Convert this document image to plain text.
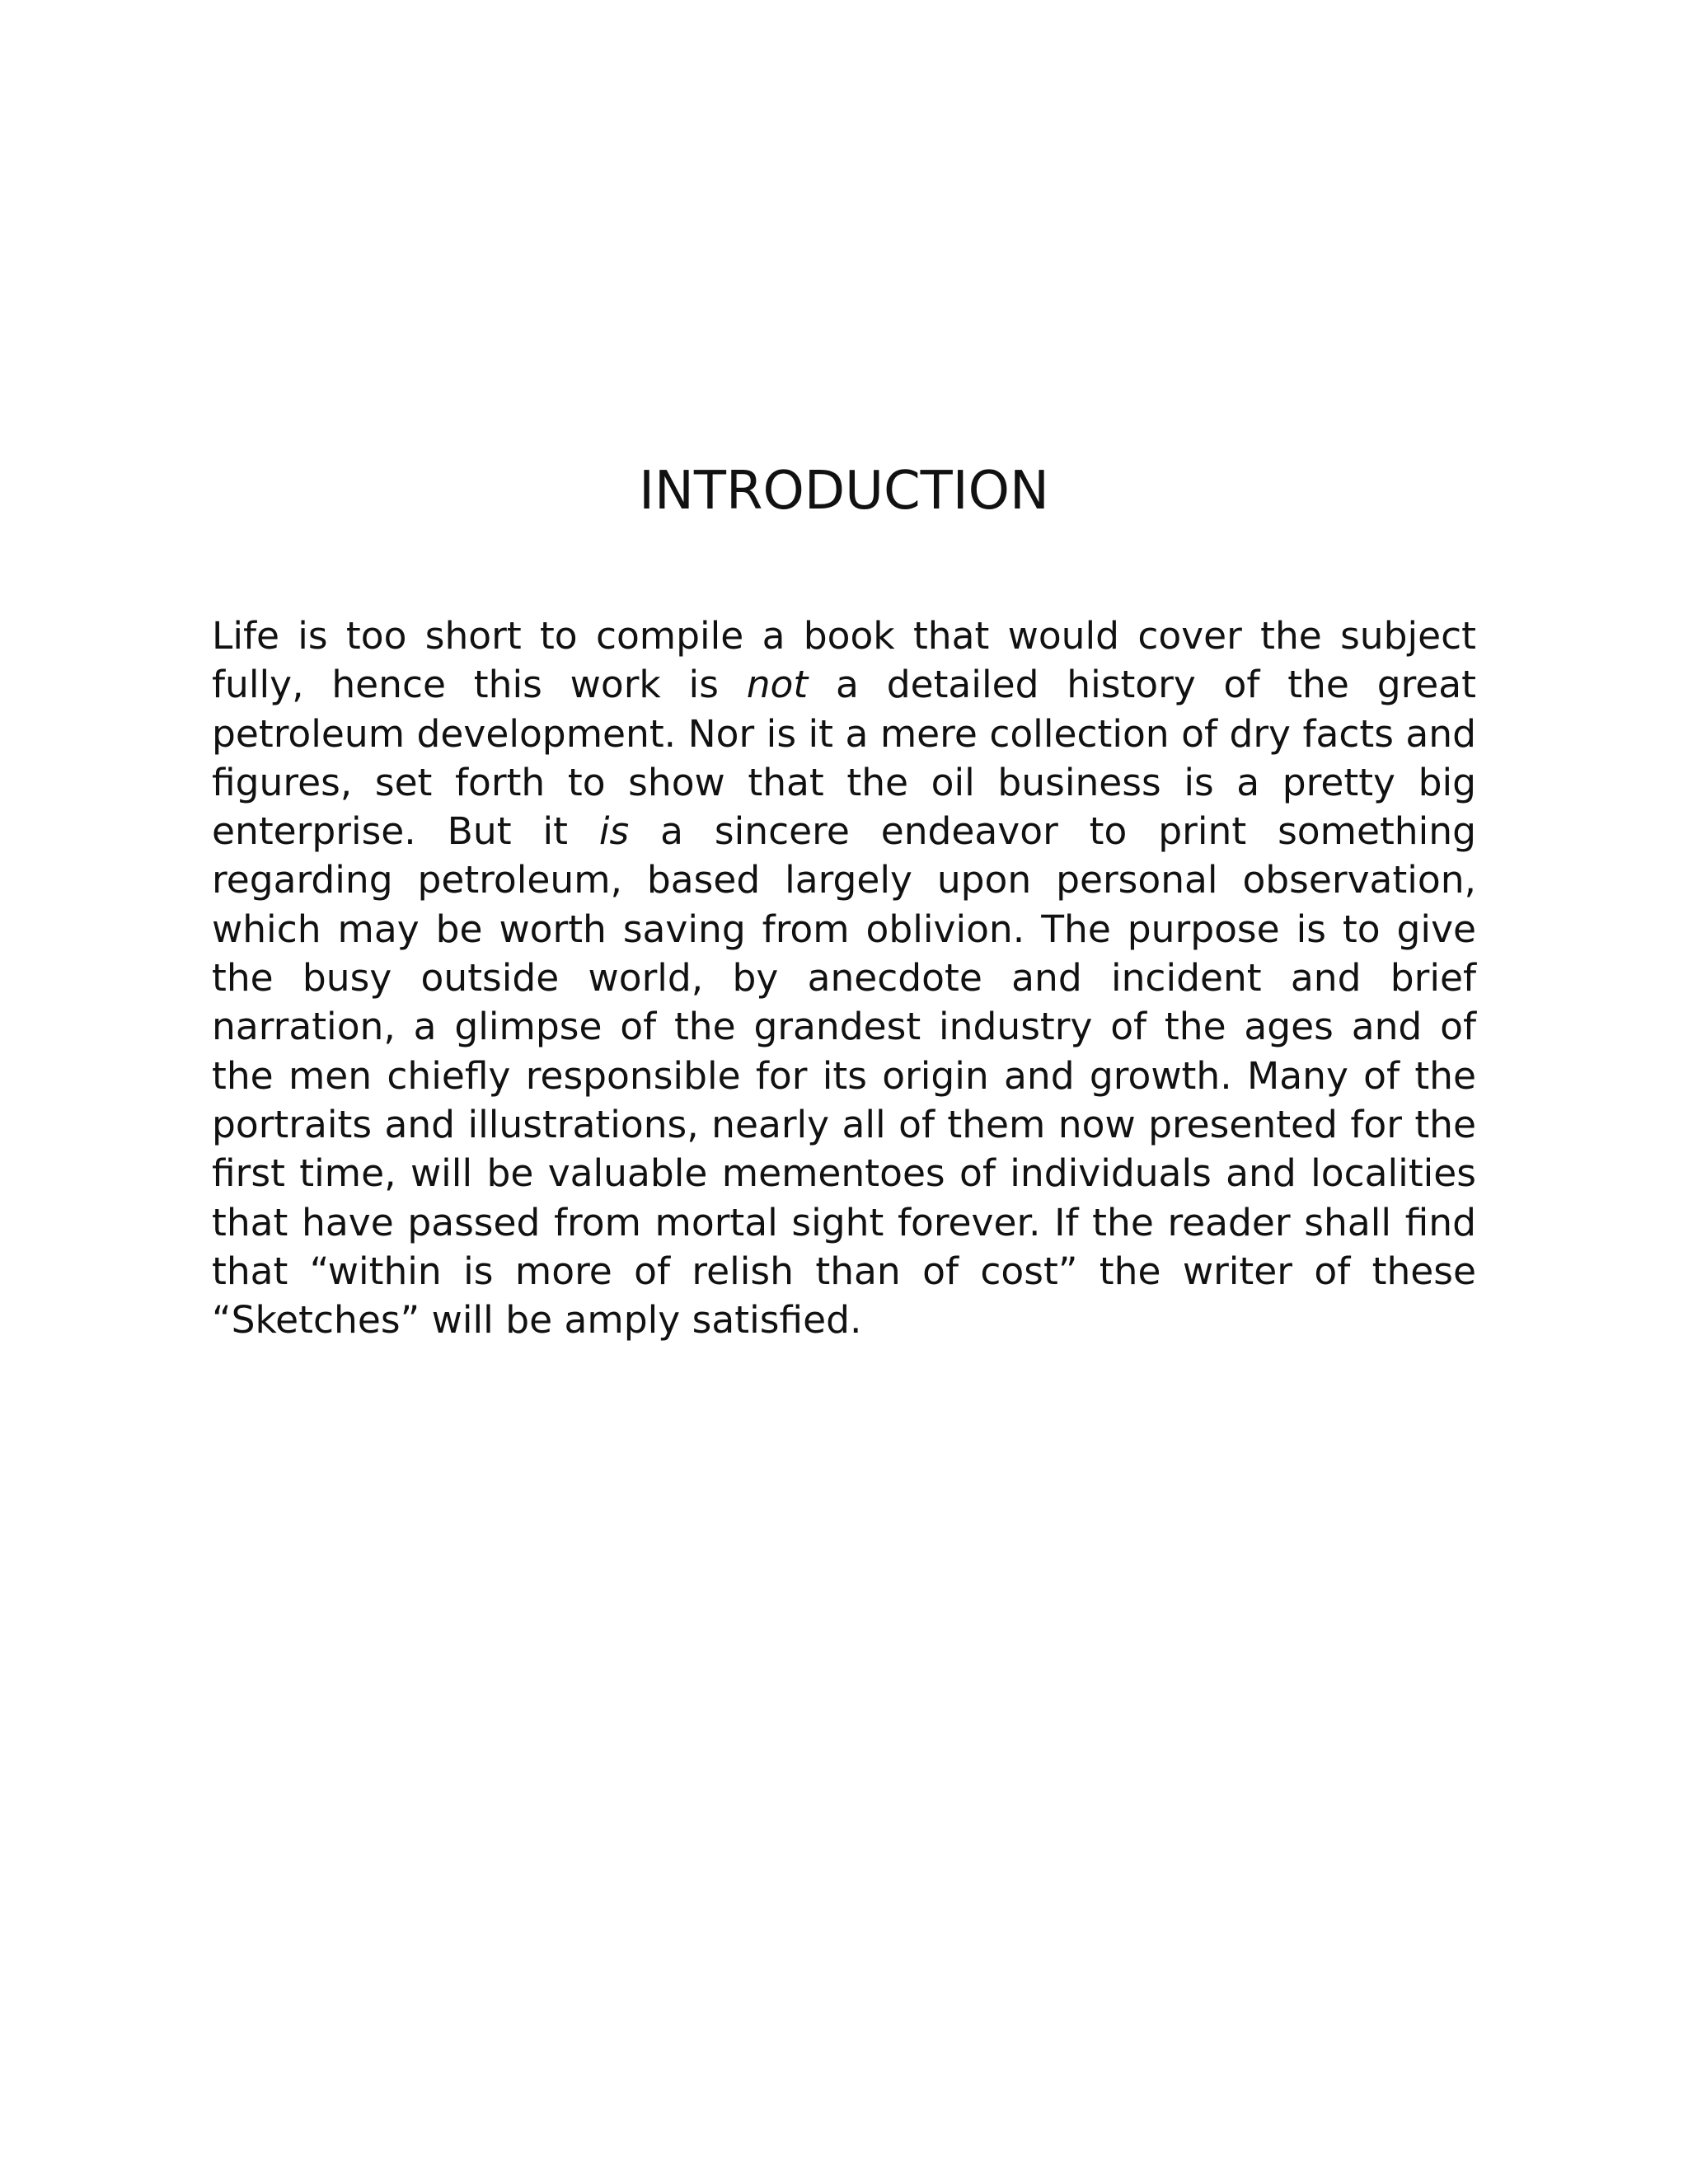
INTRODUCTION

Life is too short to compile a book that would cover the subject fully, hence this work is not a detailed history of the great petroleum development. Nor is it a mere collection of dry facts and figures, set forth to show that the oil business is a pretty big enterprise. But it is a sincere endeavor to print something regarding petroleum, based largely upon personal observation, which may be worth saving from oblivion. The purpose is to give the busy outside world, by anecdote and incident and brief narration, a glimpse of the grandest industry of the ages and of the men chiefly responsible for its origin and growth. Many of the portraits and illustrations, nearly all of them now presented for the first time, will be valuable mementoes of individuals and localities that have passed from mortal sight forever. If the reader shall find that “within is more of relish than of cost” the writer of these “Sketches” will be amply satisfied.
